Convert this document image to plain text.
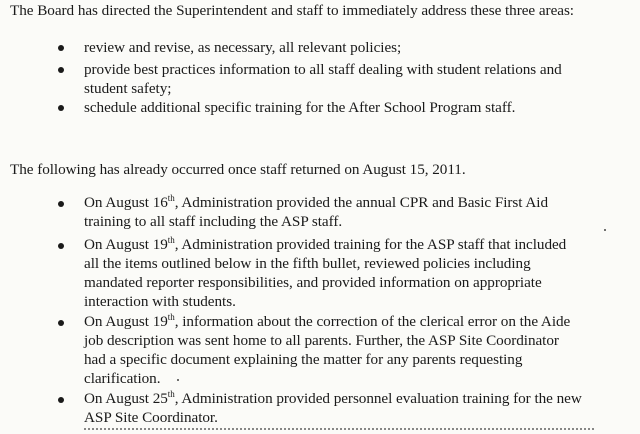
The Board has directed the Superintendent and staff to immediately address these three areas:

review and revise, as necessary, all relevant policies;
provide best practices information to all staff dealing with student relations and
student safety;
schedule additional specific training for the After School Program staff.

The following has already occurred once staff returned on August 15, 2011.

On August 16th, Administration provided the annual CPR and Basic First Aid
training to all staff including the ASP staff.
On August 19th, Administration provided training for the ASP staff that included
all the items outlined below in the fifth bullet, reviewed policies including
mandated reporter responsibilities, and provided information on appropriate
interaction with students.
On August 19th, information about the correction of the clerical error on the Aide
job description was sent home to all parents. Further, the ASP Site Coordinator
had a specific document explaining the matter for any parents requesting
clarification.
On August 25th, Administration provided personnel evaluation training for the new
ASP Site Coordinator.
